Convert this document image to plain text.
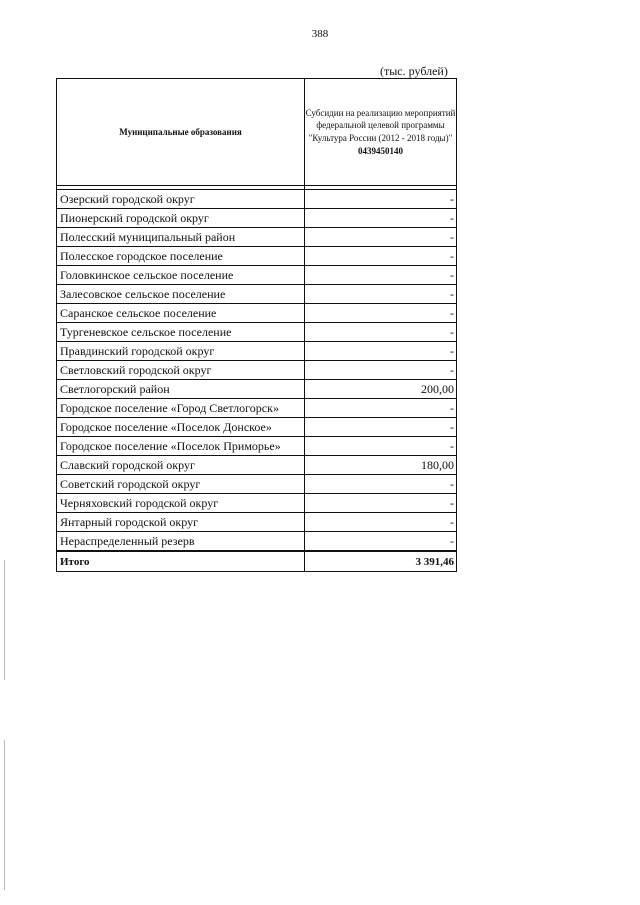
388
(тыс. рублей)
Муниципальные образования	Субсидии на реализацию мероприятий федеральной целевой программы "Культура России (2012 - 2018 годы)"
0439450140

Озерский городской округ	-
Пионерский городской округ	-
Полесский муниципальный район	-
Полесское городское поселение	-
Головкинское сельское поселение	-
Залесовское сельское поселение	-
Саранское сельское поселение	-
Тургеневское сельское поселение	-
Правдинский городской округ	-
Светловский городской округ	-
Светлогорский район	200,00
Городское поселение «Город Светлогорск»	-
Городское поселение «Поселок Донское»	-
Городское поселение «Поселок Приморье»	-
Славский городской округ	180,00
Советский городской округ	-
Черняховский городской округ	-
Янтарный городской округ	-
Нераспределенный резерв	-
Итого	3 391,46
